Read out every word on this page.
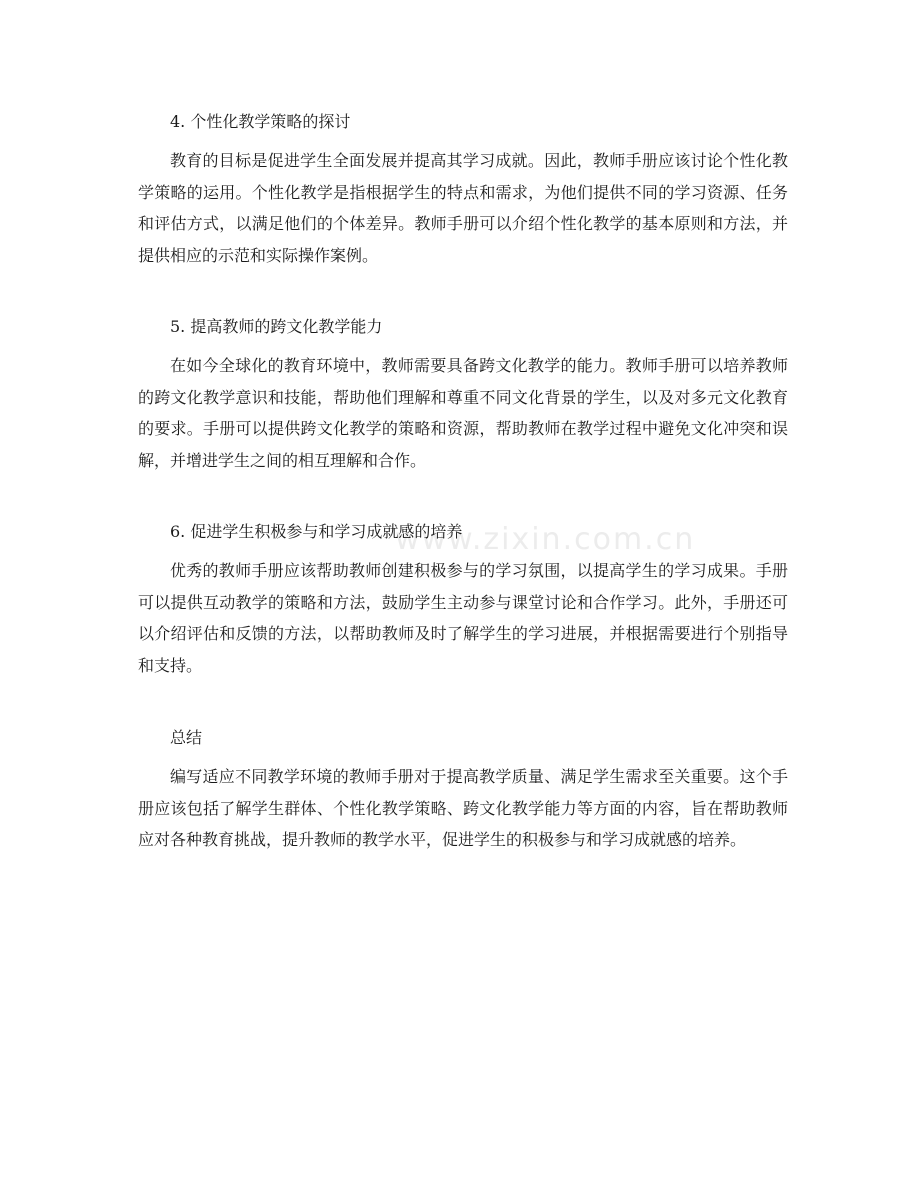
www.zixin.com.cn
4. 个性化教学策略的探讨

教育的目标是促进学生全面发展并提高其学习成就。因此，教师手册应该讨论个性化教学策略的运用。个性化教学是指根据学生的特点和需求，为他们提供不同的学习资源、任务和评估方式，以满足他们的个体差异。教师手册可以介绍个性化教学的基本原则和方法，并提供相应的示范和实际操作案例。

5. 提高教师的跨文化教学能力

在如今全球化的教育环境中，教师需要具备跨文化教学的能力。教师手册可以培养教师的跨文化教学意识和技能，帮助他们理解和尊重不同文化背景的学生，以及对多元文化教育的要求。手册可以提供跨文化教学的策略和资源，帮助教师在教学过程中避免文化冲突和误解，并增进学生之间的相互理解和合作。

6. 促进学生积极参与和学习成就感的培养

优秀的教师手册应该帮助教师创建积极参与的学习氛围，以提高学生的学习成果。手册可以提供互动教学的策略和方法，鼓励学生主动参与课堂讨论和合作学习。此外，手册还可以介绍评估和反馈的方法，以帮助教师及时了解学生的学习进展，并根据需要进行个别指导和支持。

总结

编写适应不同教学环境的教师手册对于提高教学质量、满足学生需求至关重要。这个手册应该包括了解学生群体、个性化教学策略、跨文化教学能力等方面的内容，旨在帮助教师应对各种教育挑战，提升教师的教学水平，促进学生的积极参与和学习成就感的培养。
